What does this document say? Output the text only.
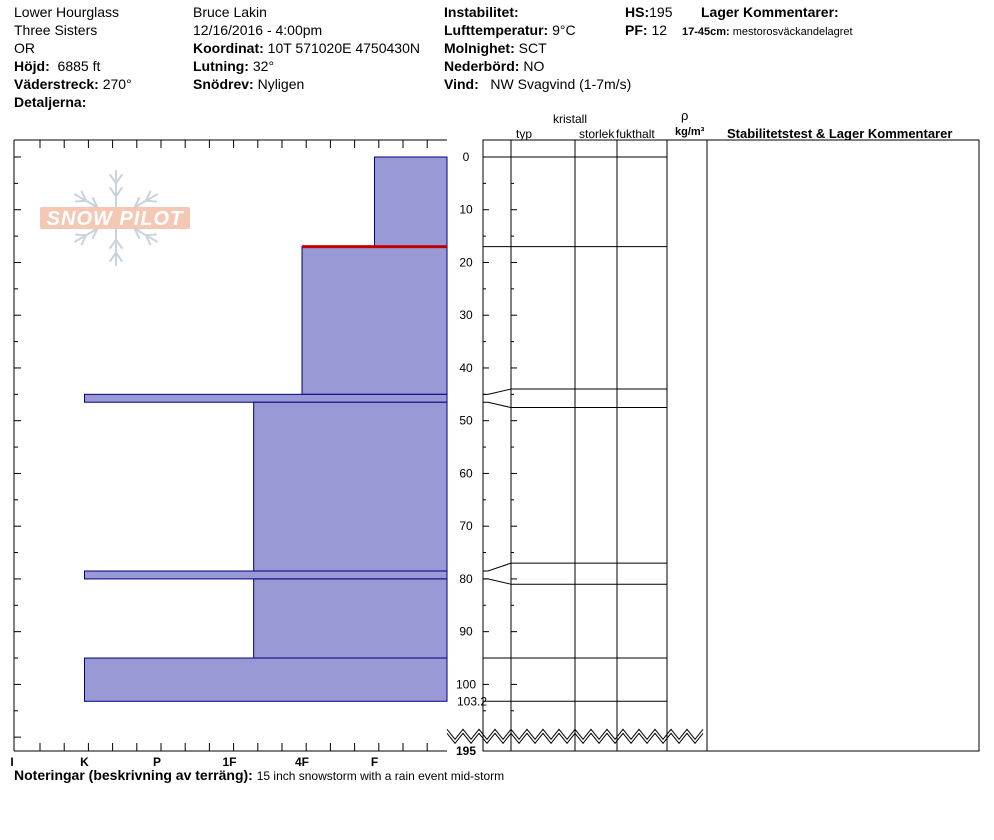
Lower Hourglass
Three Sisters
OR
Höjd: 6885 ft
Väderstreck: 270°
Detaljerna:
Bruce Lakin
12/16/2016 - 4:00pm
Koordinat: 10T 571020E 4750430N
Lutning: 32°
Snödrev: Nyligen
Instabilitet:
Lufttemperatur: 9°C
Molnighet: SCT
Nederbörd: NO
Vind: NW Svagvind (1-7m/s)
HS:195
PF: 12
Lager Kommentarer:
17-45cm: mestorosväckandelagret
kristall
typ	storlek fukthalt
ρ
kg/m³ Stabilitetstest & Lager Kommentarer
Noteringar (beskrivning av terräng): 15 inch snowstorm with a rain event mid-storm
SNOW PILOT
I	K	P	1F	4F	F
0
10
20
30
40
50
60
70
80
90
100
103.2
195
